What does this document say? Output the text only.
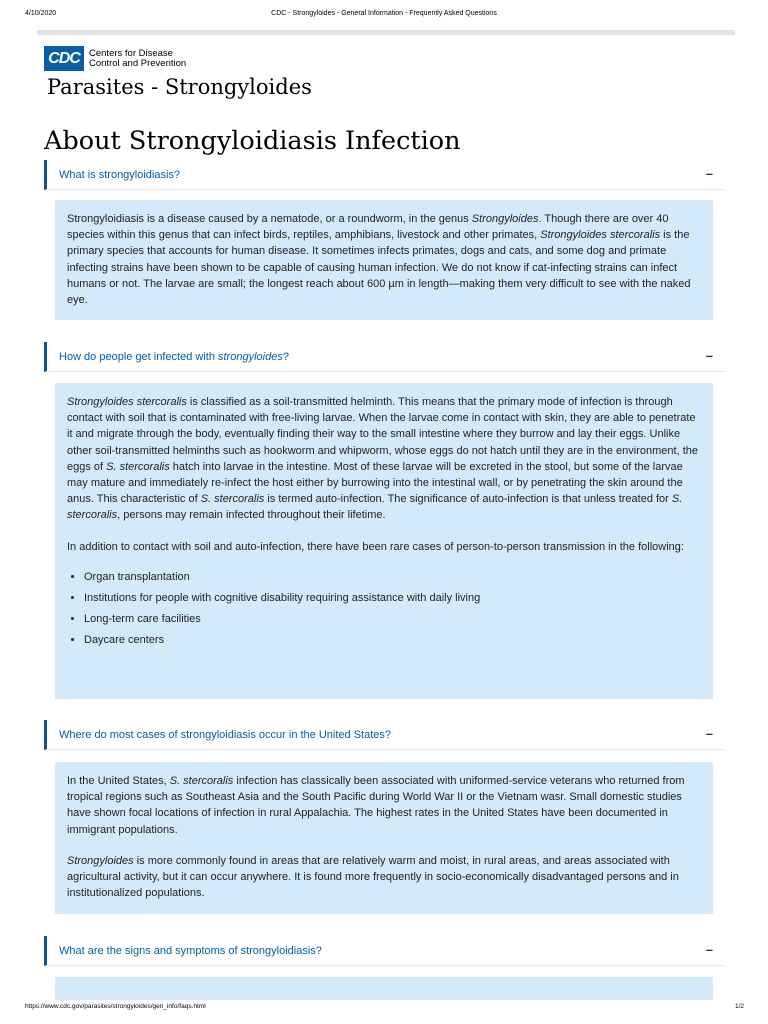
4/10/2020	CDC - Strongyloides - General Information - Frequently Asked Questions
CDC Centers for Disease
Control and Prevention
Parasites - Strongyloides
About Strongyloidiasis Infection
What is strongyloidiasis?	–

Strongyloidiasis is a disease caused by a nematode, or a roundworm, in the genus Strongyloides. Though there are over 40 species within this genus that can infect birds, reptiles, amphibians, livestock and other primates, Strongyloides stercoralis is the primary species that accounts for human disease. It sometimes infects primates, dogs and cats, and some dog and primate infecting strains have been shown to be capable of causing human infection. We do not know if cat-infecting strains can infect humans or not. The larvae are small; the longest reach about 600 µm in length—making them very difficult to see with the naked eye.

How do people get infected with strongyloides?	–

Strongyloides stercoralis is classified as a soil-transmitted helminth. This means that the primary mode of infection is through contact with soil that is contaminated with free-living larvae. When the larvae come in contact with skin, they are able to penetrate it and migrate through the body, eventually finding their way to the small intestine where they burrow and lay their eggs. Unlike other soil-transmitted helminths such as hookworm and whipworm, whose eggs do not hatch until they are in the environment, the eggs of S. stercoralis hatch into larvae in the intestine. Most of these larvae will be excreted in the stool, but some of the larvae may mature and immediately re-infect the host either by burrowing into the intestinal wall, or by penetrating the skin around the anus. This characteristic of S. stercoralis is termed auto-infection. The significance of auto-infection is that unless treated for S. stercoralis, persons may remain infected throughout their lifetime.

In addition to contact with soil and auto-infection, there have been rare cases of person-to-person transmission in the following:

• Organ transplantation
• Institutions for people with cognitive disability requiring assistance with daily living
• Long-term care facilities
• Daycare centers
Where do most cases of strongyloidiasis occur in the United States?	–

In the United States, S. stercoralis infection has classically been associated with uniformed-service veterans who returned from tropical regions such as Southeast Asia and the South Pacific during World War II or the Vietnam wasr. Small domestic studies have shown focal locations of infection in rural Appalachia. The highest rates in the United States have been documented in immigrant populations.

Strongyloides is more commonly found in areas that are relatively warm and moist, in rural areas, and areas associated with agricultural activity, but it can occur anywhere. It is found more frequently in socio-economically disadvantaged persons and in institutionalized populations.

What are the signs and symptoms of strongyloidiasis?	–
https://www.cdc.gov/parasites/strongyloides/gen_info/faqs.html	1/2
